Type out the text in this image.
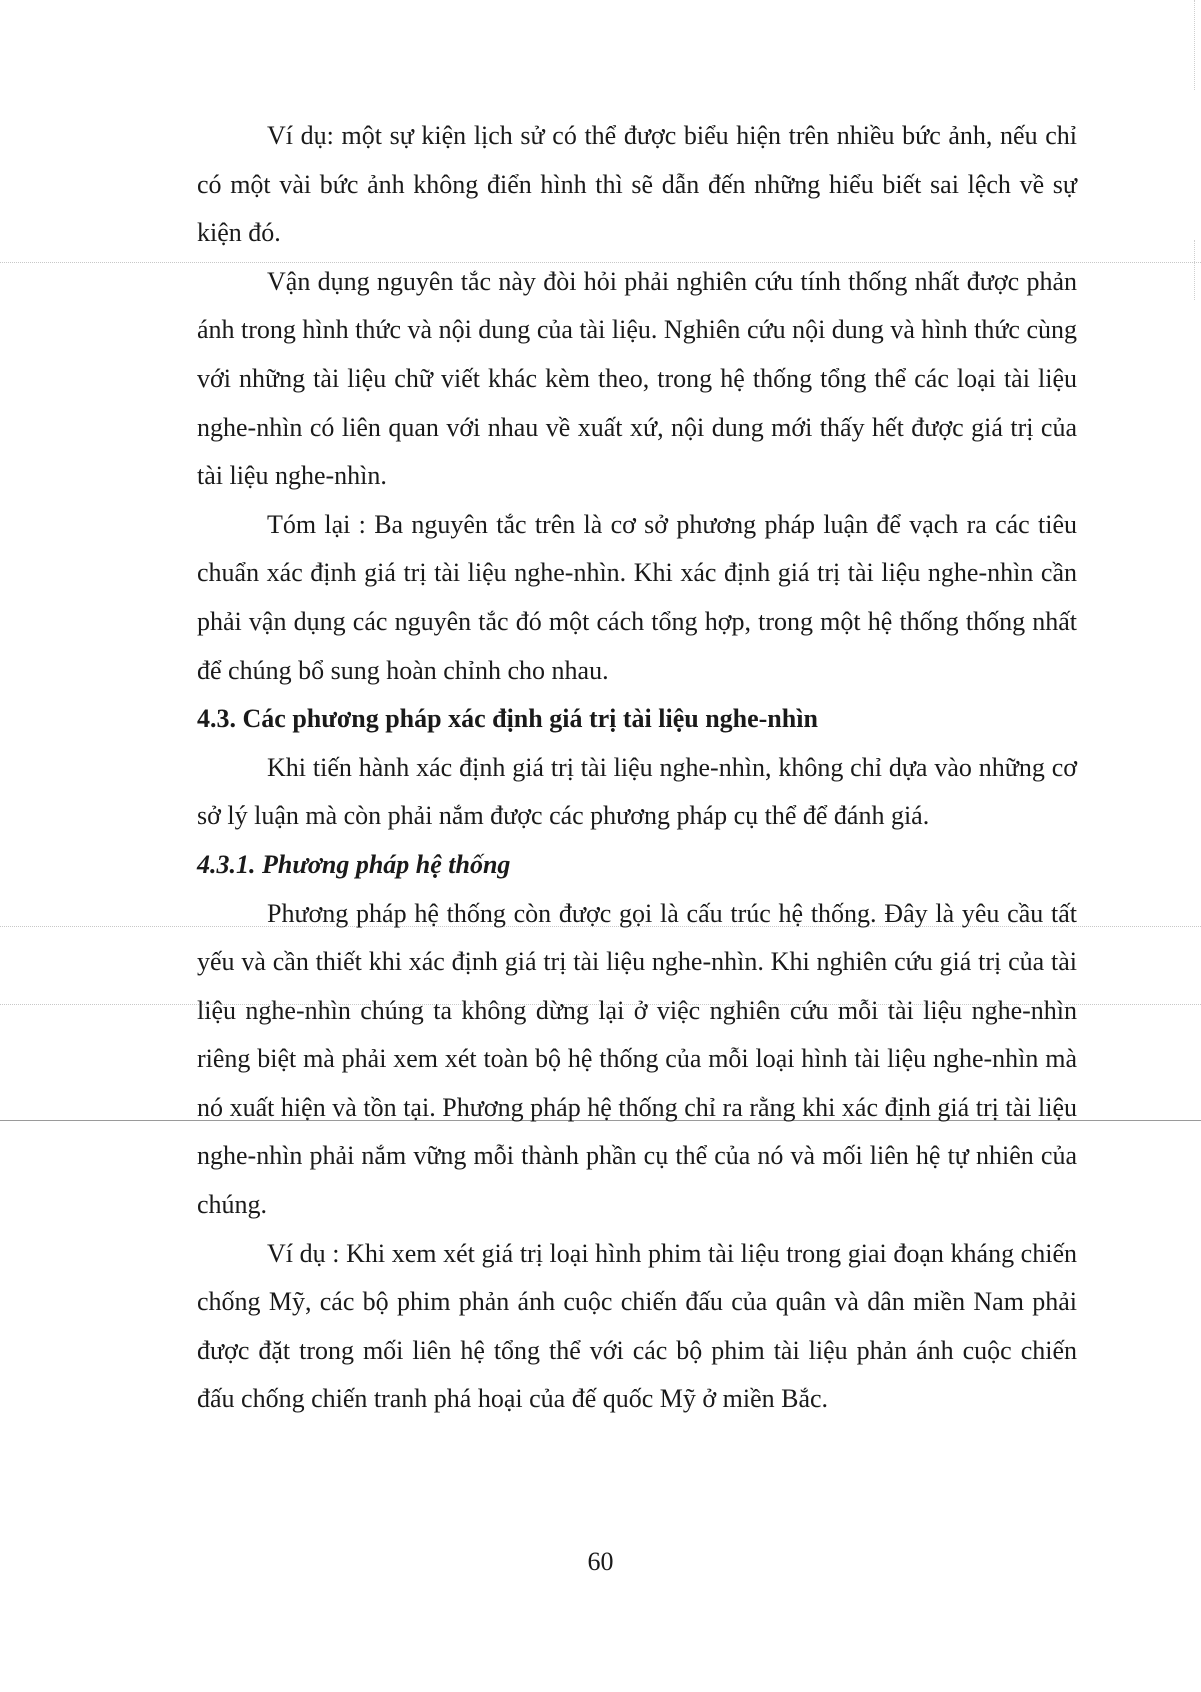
Ví dụ: một sự kiện lịch sử có thể được biểu hiện trên nhiều bức ảnh, nếu chỉ có một vài bức ảnh không điển hình thì sẽ dẫn đến những hiểu biết sai lệch về sự kiện đó.

Vận dụng nguyên tắc này đòi hỏi phải nghiên cứu tính thống nhất được phản ánh trong hình thức và nội dung của tài liệu. Nghiên cứu nội dung và hình thức cùng với những tài liệu chữ viết khác kèm theo, trong hệ thống tổng thể các loại tài liệu nghe-nhìn có liên quan với nhau về xuất xứ, nội dung mới thấy hết được giá trị của tài liệu nghe-nhìn.

Tóm lại : Ba nguyên tắc trên là cơ sở phương pháp luận để vạch ra các tiêu chuẩn xác định giá trị tài liệu nghe-nhìn. Khi xác định giá trị tài liệu nghe-nhìn cần phải vận dụng các nguyên tắc đó một cách tổng hợp, trong một hệ thống thống nhất để chúng bổ sung hoàn chỉnh cho nhau.

4.3. Các phương pháp xác định giá trị tài liệu nghe-nhìn

Khi tiến hành xác định giá trị tài liệu nghe-nhìn, không chỉ dựa vào những cơ sở lý luận mà còn phải nắm được các phương pháp cụ thể để đánh giá.

4.3.1. Phương pháp hệ thống

Phương pháp hệ thống còn được gọi là cấu trúc hệ thống. Đây là yêu cầu tất yếu và cần thiết khi xác định giá trị tài liệu nghe-nhìn. Khi nghiên cứu giá trị của tài liệu nghe-nhìn chúng ta không dừng lại ở việc nghiên cứu mỗi tài liệu nghe-nhìn riêng biệt mà phải xem xét toàn bộ hệ thống của mỗi loại hình tài liệu nghe-nhìn mà nó xuất hiện và tồn tại. Phương pháp hệ thống chỉ ra rằng khi xác định giá trị tài liệu nghe-nhìn phải nắm vững mỗi thành phần cụ thể của nó và mối liên hệ tự nhiên của chúng.

Ví dụ : Khi xem xét giá trị loại hình phim tài liệu trong giai đoạn kháng chiến chống Mỹ, các bộ phim phản ánh cuộc chiến đấu của quân và dân miền Nam phải được đặt trong mối liên hệ tổng thể với các bộ phim tài liệu phản ánh cuộc chiến đấu chống chiến tranh phá hoại của đế quốc Mỹ ở miền Bắc.

60
